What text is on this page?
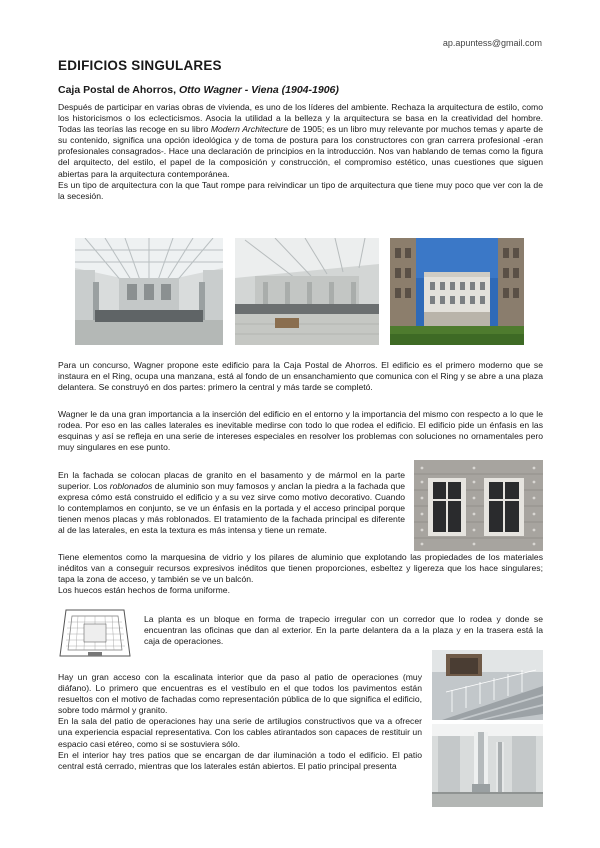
ap.apuntess@gmail.com
EDIFICIOS SINGULARES
Caja Postal de Ahorros, Otto Wagner - Viena (1904-1906)

Después de participar en varias obras de vivienda, es uno de los líderes del ambiente. Rechaza la arquitectura de estilo, como los historicismos o los eclecticismos. Asocia la utilidad a la belleza y la arquitectura se basa en la creatividad del hombre. Todas las teorías las recoge en su libro Modern Architecture de 1905; es un libro muy relevante por muchos temas y aparte de su contenido, significa una opción ideológica y de toma de postura para los constructores con gran carrera profesional -eran profesionales consagrados-. Hace una declaración de principios en la introducción. Nos van hablando de temas como la figura del arquitecto, del estilo, el papel de la composición y construcción, el compromiso estético, unas cuestiones que siguen abiertas para la arquitectura contemporánea.

Es un tipo de arquitectura con la que Taut rompe para reivindicar un tipo de arquitectura que tiene muy poco que ver con la de la secesión.

Para un concurso, Wagner propone este edificio para la Caja Postal de Ahorros. El edificio es el primero moderno que se instaura en el Ring, ocupa una manzana, está al fondo de un ensanchamiento que comunica con el Ring y se abre a una plaza delantera. Se construyó en dos partes: primero la central y más tarde se completó.
Wagner le da una gran importancia a la inserción del edificio en el entorno y la importancia del mismo con respecto a lo que le rodea. Por eso en las calles laterales es inevitable medirse con todo lo que rodea el edificio. El edificio pide un énfasis en las esquinas y así se refleja en una serie de intereses especiales en resolver los problemas con soluciones no ornamentales pero muy singulares en ese punto.
En la fachada se colocan placas de granito en el basamento y de mármol en la parte superior. Los roblonados de aluminio son muy famosos y anclan la piedra a la fachada que expresa cómo está construido el edificio y a su vez sirve como motivo decorativo. Cuando lo contemplamos en conjunto, se ve un énfasis en la portada y el acceso principal porque tienen menos placas y más roblonados. El tratamiento de la fachada principal es diferente al de las laterales, en esta la textura es más intensa y tiene un remate.

Tiene elementos como la marquesina de vidrio y los pilares de aluminio que explotando las propiedades de los materiales inéditos van a conseguir recursos expresivos inéditos que tienen proporciones, esbeltez y ligereza que los hace singulares; tapa la zona de acceso, y también se ve un balcón.

Los huecos están hechos de forma uniforme.

La planta es un bloque en forma de trapecio irregular con un corredor que lo rodea y donde se encuentran las oficinas que dan al exterior. En la parte delantera da a la plaza y en la trasera está la caja de operaciones.

Hay un gran acceso con la escalinata interior que da paso al patio de operaciones (muy diáfano). Lo primero que encuentras es el vestíbulo en el que todos los pavimentos están resueltos con el motivo de fachadas como representación pública de lo que significa el edificio, sobre todo mármol y granito.

En la sala del patio de operaciones hay una serie de artilugios constructivos que va a ofrecer una experiencia espacial representativa. Con los cables atirantados son capaces de restituir un espacio casi etéreo, como si se sostuviera sólo.

En el interior hay tres patios que se encargan de dar iluminación a todo el edificio. El patio central está cerrado, mientras que los laterales están abiertos. El patio principal presenta
